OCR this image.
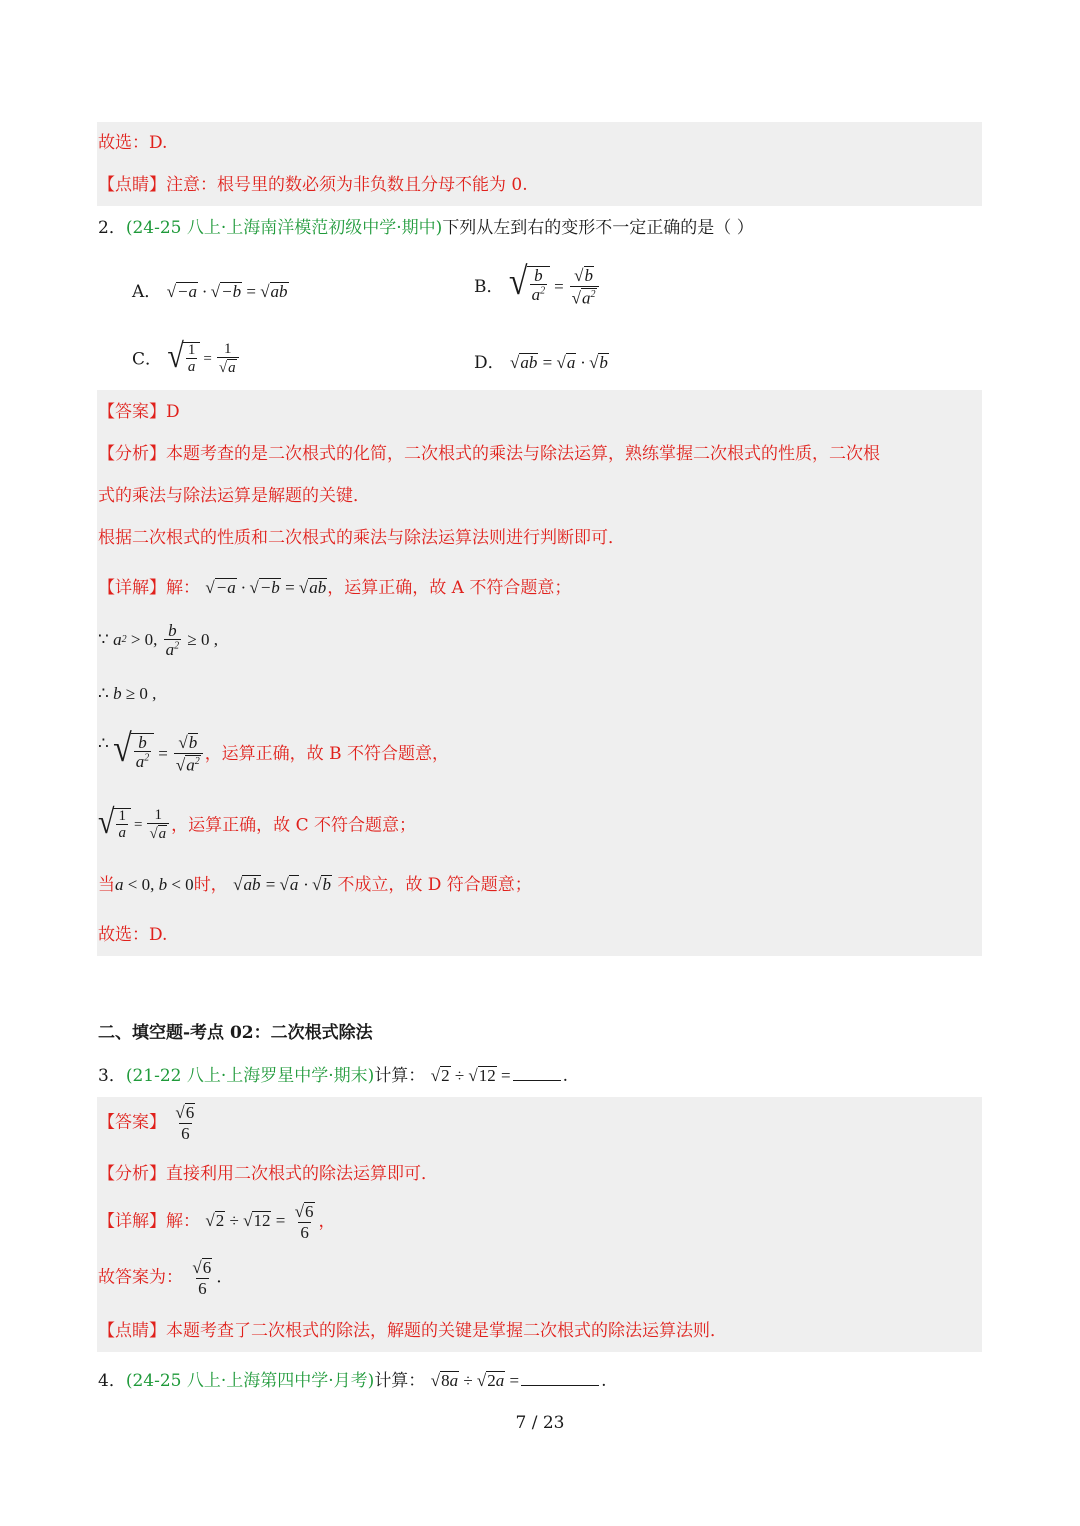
故选：D.
【点睛】注意：根号里的数必须为非负数且分母不能为 0.
2．(24-25 八上·上海南洋模范初级中学·期中)下列从左到右的变形不一定正确的是（ ）
A． √−a · √−b = √ab	B． √ $\frac{b}{a^2} = \frac{√b}{√a^2}$
C． √ $\frac{1}{a} = \frac{1}{√a}$	D． √ab = √a · √b
【答案】D
【分析】本题考查的是二次根式的化简，二次根式的乘法与除法运算，熟练掌握二次根式的性质，二次根
式的乘法与除法运算是解题的关键．
根据二次根式的性质和二次根式的乘法与除法运算法则进行判断即可．
【详解】解： √−a · √−b = √ab，运算正确，故 A 不符合题意；
∵ a 2 > 0, $\frac{b}{a^2} \ge 0$ ,
∴ b ≥ 0 ,
∴
√ $\frac{b}{a^2} = \frac{√b}{√a^2}$ ，运算正确，故 B 不符合题意，
√ $\frac{1}{a} = \frac{1}{√a}$ ，运算正确，故 C 不符合题意；
当a < 0, b < 0时， √ab = √a · √b 不成立，故 D 符合题意；
故选：D.
二、填空题-考点 02：二次根式除法
3．(21-22 八上·上海罗星中学·期末)计算： √2 ÷ √12 =	.
【答案】 $\frac{√6}{6}$
【分析】直接利用二次根式的除法运算即可．
【详解】解： $√2 \div √12 = \frac{√6}{6}$ ，
故答案为： $\frac{√6}{6}$ .
【点睛】本题考查了二次根式的除法，解题的关键是掌握二次根式的除法运算法则．
4．(24-25 八上·上海第四中学·月考)计算： √8a ÷ √2a =	.
7 / 23
